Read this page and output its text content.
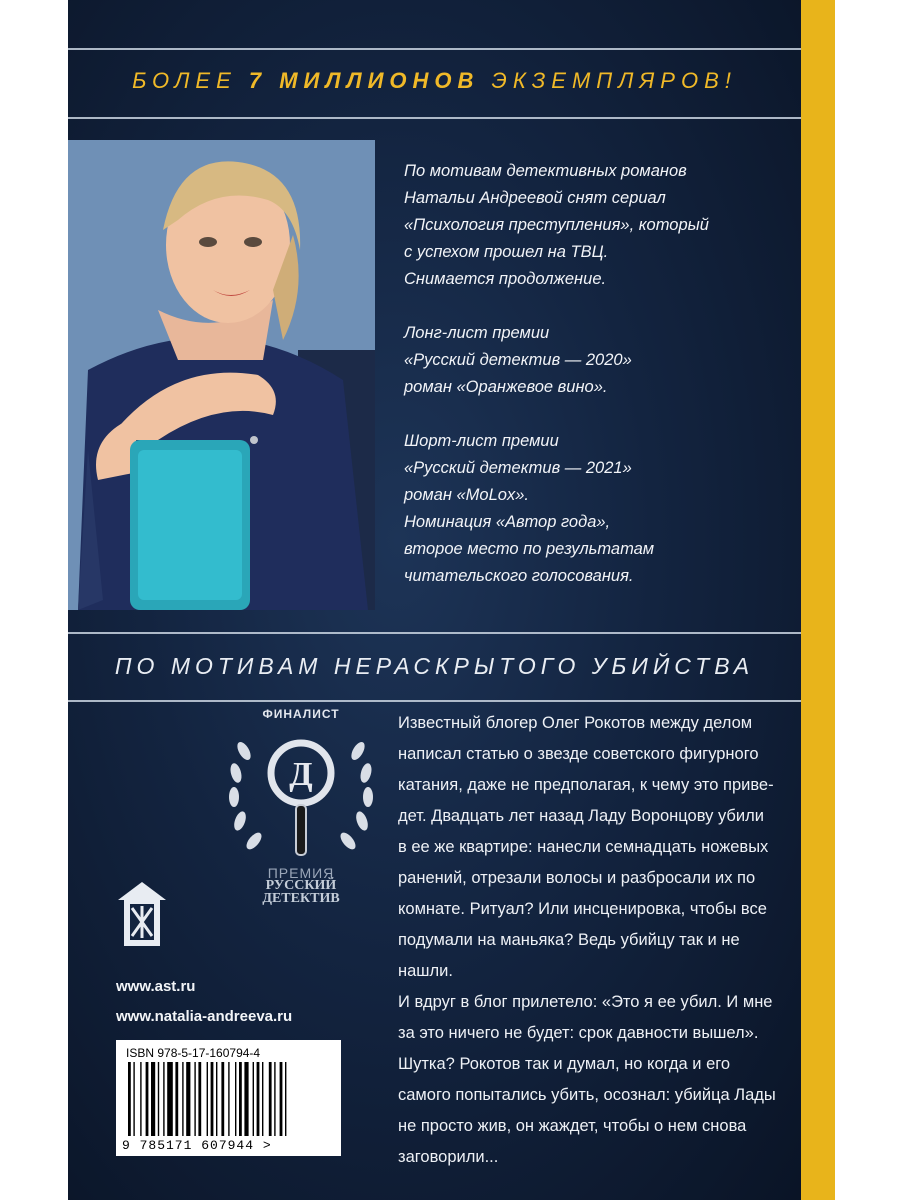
БОЛЕЕ 7 МИЛЛИОНОВ ЭКЗЕМПЛЯРОВ!

По мотивам детективных романов
Натальи Андреевой снят сериал
«Психология преступления», который
с успехом прошел на ТВЦ.
Снимается продолжение.

Лонг-лист премии
«Русский детектив — 2020»
роман «Оранжевое вино».

Шорт-лист премии
«Русский детектив — 2021»
роман «MoLox».
Номинация «Автор года»,
второе место по результатам
читательского голосования.

ПО МОТИВАМ НЕРАСКРЫТОГО УБИЙСТВА
ФИНАЛИСТ
Д
ПРЕМИЯ
РУССКИЙ
ДЕТЕКТИВ

Известный блогер Олег Рокотов между делом
написал статью о звезде советского фигурного
катания, даже не предполагая, к чему это приве-
дет. Двадцать лет назад Ладу Воронцову убили
в ее же квартире: нанесли семнадцать ножевых
ранений, отрезали волосы и разбросали их по
комнате. Ритуал? Или инсценировка, чтобы все
подумали на маньяка? Ведь убийцу так и не
нашли.

И вдруг в блог прилетело: «Это я ее убил. И мне
за это ничего не будет: срок давности вышел».
Шутка? Рокотов так и думал, но когда и его
самого попытались убить, осознал: убийца Лады
не просто жив, он жаждет, чтобы о нем снова
заговорили...

www.ast.ru
www.natalia-andreeva.ru
ISBN 978-5-17-160794-4
9 785171 607944 >
